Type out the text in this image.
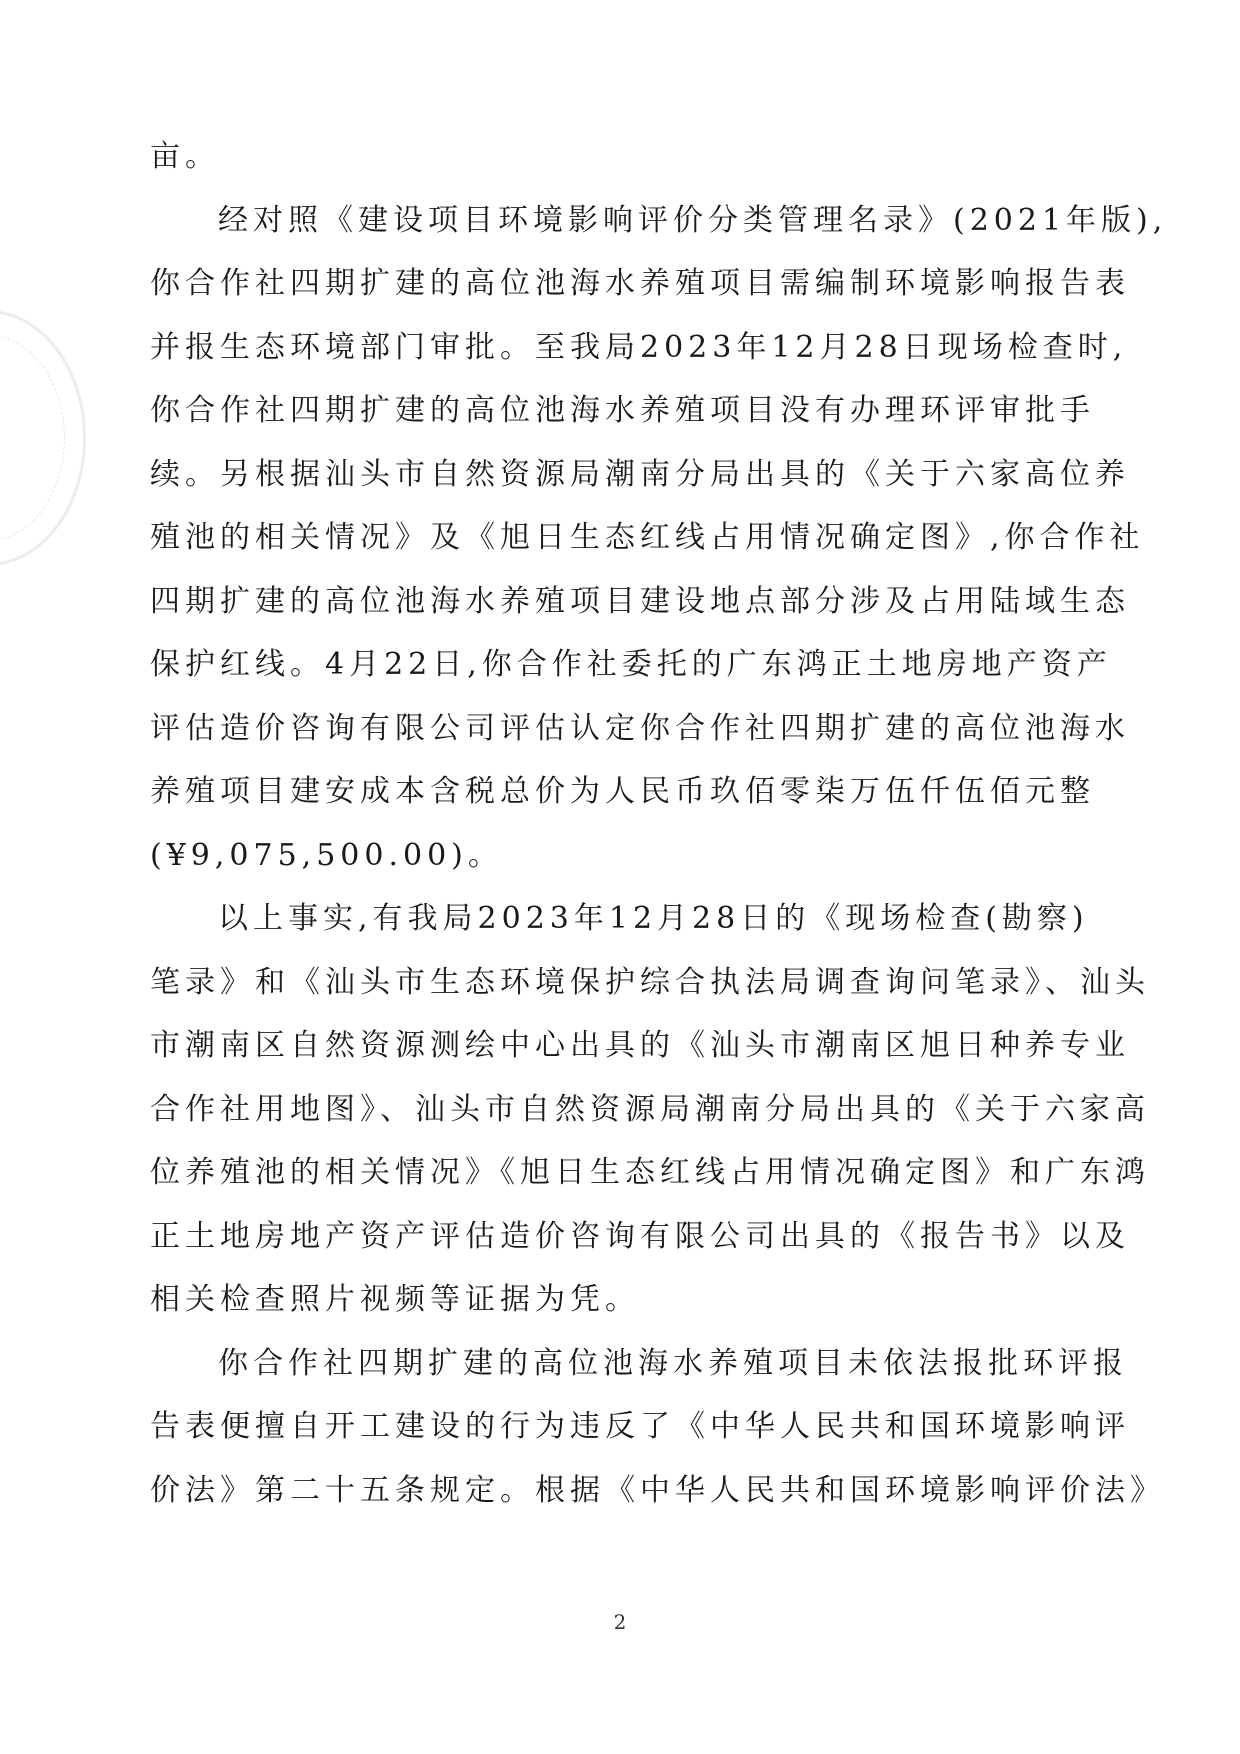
亩。
经对照《建设项目环境影响评价分类管理名录》(2021年版),
你合作社四期扩建的高位池海水养殖项目需编制环境影响报告表
并报生态环境部门审批。至我局2023年12月28日现场检查时,
你合作社四期扩建的高位池海水养殖项目没有办理环评审批手
续。另根据汕头市自然资源局潮南分局出具的《关于六家高位养
殖池的相关情况》及《旭日生态红线占用情况确定图》,你合作社
四期扩建的高位池海水养殖项目建设地点部分涉及占用陆域生态
保护红线。4月22日,你合作社委托的广东鸿正土地房地产资产
评估造价咨询有限公司评估认定你合作社四期扩建的高位池海水
养殖项目建安成本含税总价为人民币玖佰零柒万伍仟伍佰元整
(¥9,075,500.00)。
以上事实,有我局2023年12月28日的《现场检查(勘察)
笔录》和《汕头市生态环境保护综合执法局调查询问笔录》、汕头
市潮南区自然资源测绘中心出具的《汕头市潮南区旭日种养专业
合作社用地图》、汕头市自然资源局潮南分局出具的《关于六家高
位养殖池的相关情况》《旭日生态红线占用情况确定图》和广东鸿
正土地房地产资产评估造价咨询有限公司出具的《报告书》以及
相关检查照片视频等证据为凭。
你合作社四期扩建的高位池海水养殖项目未依法报批环评报
告表便擅自开工建设的行为违反了《中华人民共和国环境影响评
价法》第二十五条规定。根据《中华人民共和国环境影响评价法》
2
